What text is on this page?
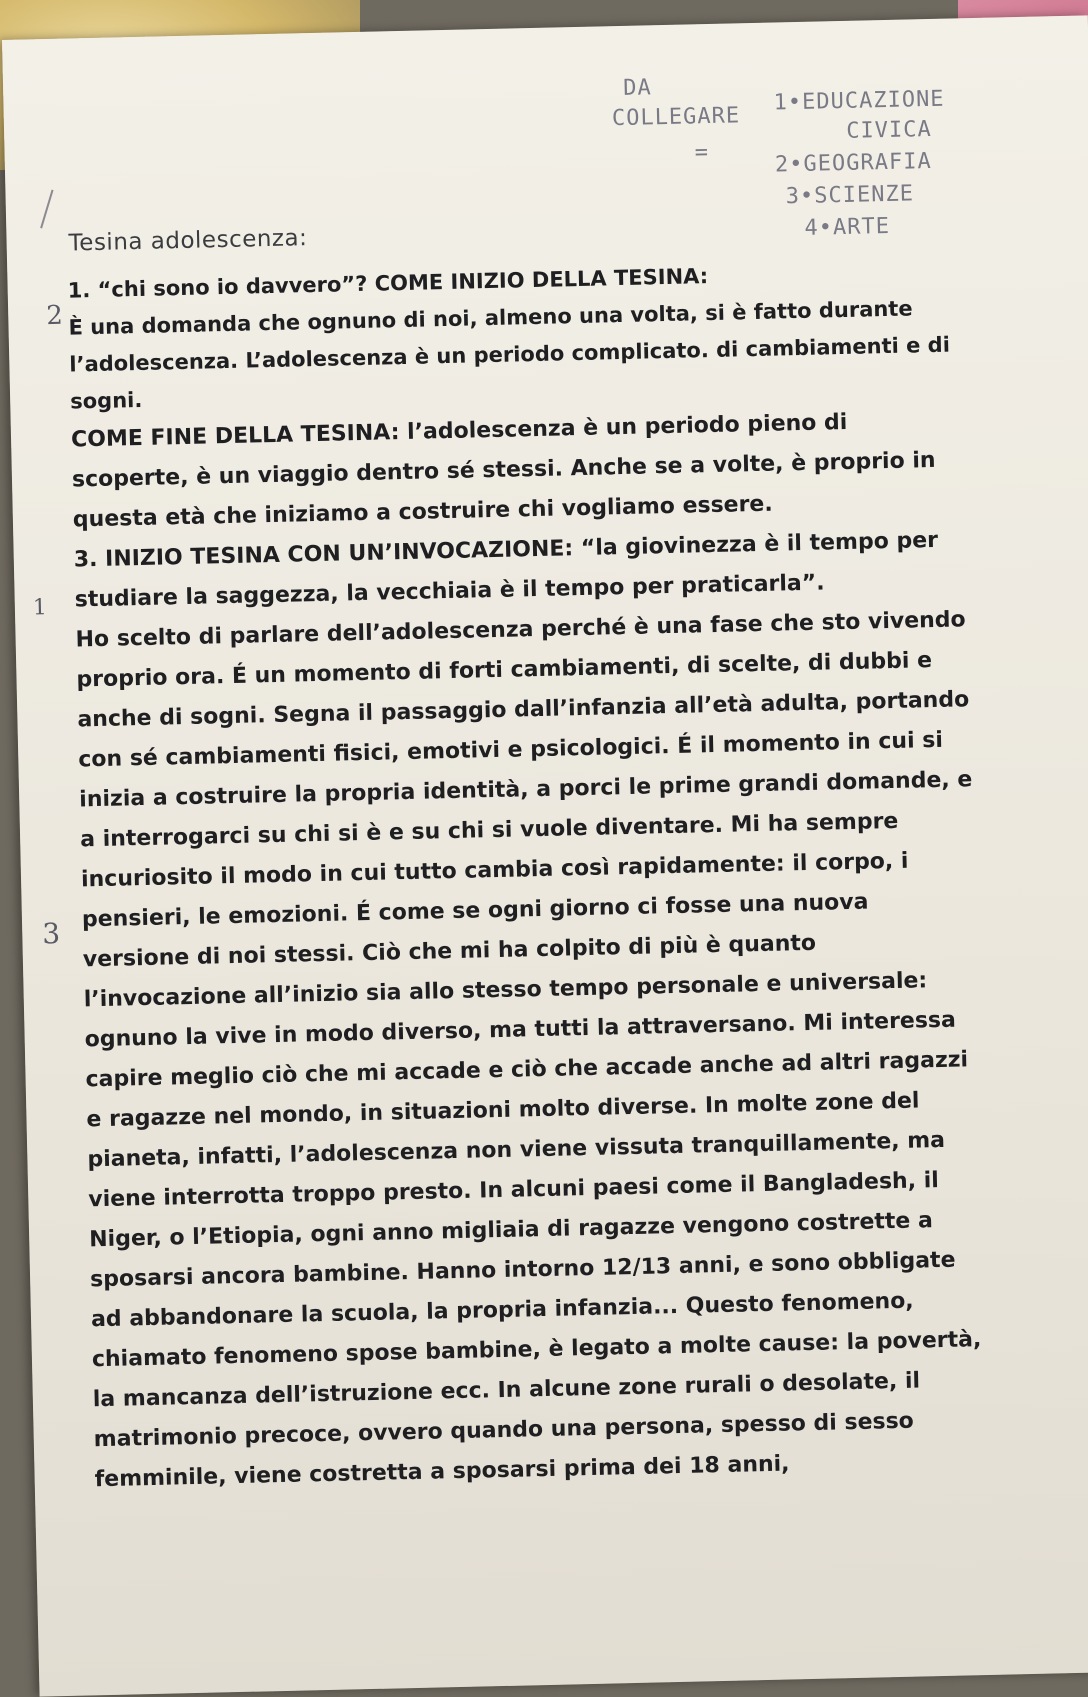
DA
COLLEGARE
1•EDUCAZIONE
CIVICA
=	2•GEOGRAFIA
3•SCIENZE
4•ARTE
2
1
3
Tesina adolescenza:

1. “chi sono io davvero”? COME INIZIO DELLA TESINA:

È una domanda che ognuno di noi, almeno una volta, si è fatto durante l’adolescenza. L’adolescenza è un periodo complicato. di cambiamenti e di sogni.

COME FINE DELLA TESINA: l’adolescenza è un periodo pieno di scoperte, è un viaggio dentro sé stessi. Anche se a volte, è proprio in questa età che iniziamo a costruire chi vogliamo essere.

3. INIZIO TESINA CON UN’INVOCAZIONE: “la giovinezza è il tempo per studiare la saggezza, la vecchiaia è il tempo per praticarla”.

Ho scelto di parlare dell’adolescenza perché è una fase che sto vivendo proprio ora. É un momento di forti cambiamenti, di scelte, di dubbi e anche di sogni. Segna il passaggio dall’infanzia all’età adulta, portando con sé cambiamenti fisici, emotivi e psicologici. É il momento in cui si inizia a costruire la propria identità, a porci le prime grandi domande, e a interrogarci su chi si è e su chi si vuole diventare. Mi ha sempre incuriosito il modo in cui tutto cambia così rapidamente: il corpo, i pensieri, le emozioni. É come se ogni giorno ci fosse una nuova versione di noi stessi. Ciò che mi ha colpito di più è quanto l’invocazione all’inizio sia allo stesso tempo personale e universale: ognuno la vive in modo diverso, ma tutti la attraversano. Mi interessa capire meglio ciò che mi accade e ciò che accade anche ad altri ragazzi e ragazze nel mondo, in situazioni molto diverse. In molte zone del pianeta, infatti, l’adolescenza non viene vissuta tranquillamente, ma viene interrotta troppo presto. In alcuni paesi come il Bangladesh, il Niger, o l’Etiopia, ogni anno migliaia di ragazze vengono costrette a sposarsi ancora bambine. Hanno intorno 12/13 anni, e sono obbligate ad abbandonare la scuola, la propria infanzia... Questo fenomeno, chiamato fenomeno spose bambine, è legato a molte cause: la povertà, la mancanza dell’istruzione ecc. In alcune zone rurali o desolate, il matrimonio precoce, ovvero quando una persona, spesso di sesso femminile, viene costretta a sposarsi prima dei 18 anni,
